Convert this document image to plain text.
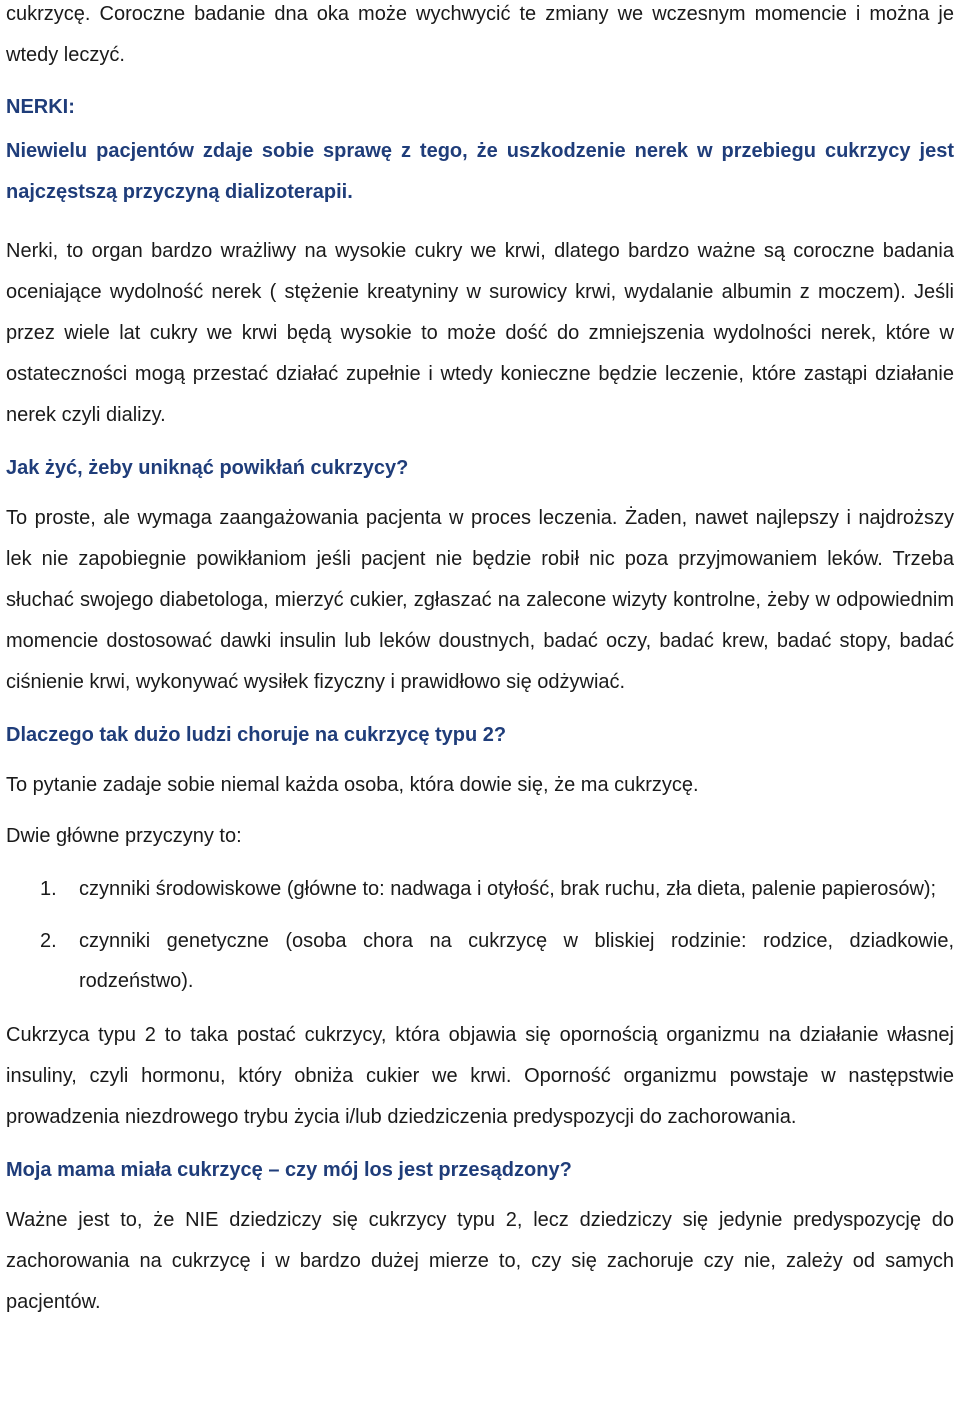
cukrzycę. Coroczne badanie dna oka może wychwycić te zmiany we wczesnym momencie i można je wtedy leczyć.

NERKI:

Niewielu pacjentów zdaje sobie sprawę z tego, że uszkodzenie nerek w przebiegu cukrzycy jest najczęstszą przyczyną dializoterapii.

Nerki, to organ bardzo wrażliwy na wysokie cukry we krwi, dlatego bardzo ważne są coroczne badania oceniające wydolność nerek ( stężenie kreatyniny w surowicy krwi, wydalanie albumin z moczem). Jeśli przez wiele lat cukry we krwi będą wysokie to może dość do zmniejszenia wydolności nerek, które w ostateczności mogą przestać działać zupełnie i wtedy konieczne będzie leczenie, które zastąpi działanie nerek czyli dializy.

Jak żyć, żeby uniknąć powikłań cukrzycy?

To proste, ale wymaga zaangażowania pacjenta w proces leczenia. Żaden, nawet najlepszy i najdroższy lek nie zapobiegnie powikłaniom jeśli pacjent nie będzie robił nic poza przyjmowaniem leków. Trzeba słuchać swojego diabetologa, mierzyć cukier, zgłaszać na zalecone wizyty kontrolne, żeby w odpowiednim momencie dostosować dawki insulin lub leków doustnych, badać oczy, badać krew, badać stopy, badać ciśnienie krwi, wykonywać wysiłek fizyczny i prawidłowo się odżywiać.

Dlaczego tak dużo ludzi choruje na cukrzycę typu 2?

To pytanie zadaje sobie niemal każda osoba, która dowie się, że ma cukrzycę.

Dwie główne przyczyny to:

1.	czynniki środowiskowe (główne to: nadwaga i otyłość, brak ruchu, zła dieta, palenie papierosów);
2.	czynniki genetyczne (osoba chora na cukrzycę w bliskiej rodzinie: rodzice, dziadkowie, rodzeństwo).

Cukrzyca typu 2 to taka postać cukrzycy, która objawia się opornością organizmu na działanie własnej insuliny, czyli hormonu, który obniża cukier we krwi. Oporność organizmu powstaje w następstwie prowadzenia niezdrowego trybu życia i/lub dziedziczenia predyspozycji do zachorowania.

Moja mama miała cukrzycę – czy mój los jest przesądzony?

Ważne jest to, że NIE dziedziczy się cukrzycy typu 2, lecz dziedziczy się jedynie predyspozycję do zachorowania na cukrzycę i w bardzo dużej mierze to, czy się zachoruje czy nie, zależy od samych pacjentów.
